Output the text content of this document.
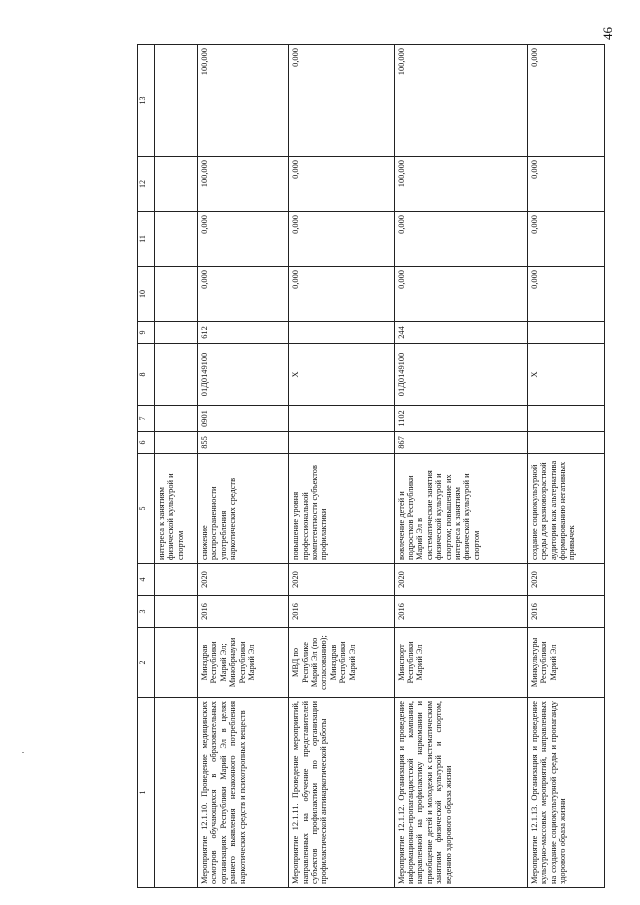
46
1	2	3	4	5	6	7	8	9	10	11	12	13
				интереса к занятиям физической культурой и спортом								
Мероприятие 12.1.10. Проведение медицинских осмотров обучающихся в образовательных организациях Республики Марий Эл в целях раннего выявления незаконного потребления наркотических средств и психотропных веществ	Минздрав Республики Марий Эл; Минобрнауки Республики Марий Эл	2016	2020	снижение распространенности употребления наркотических средств	855	0901	01Д0149100	612	0,000	0,000	100,000	100,000
Мероприятие 12.1.11. Проведение мероприятий, направленных на обучение представителей субъектов профилактики по организации профилактической антинаркотической работы	МВД по Республике Марий Эл (по согласованию); Минздрав Республики Марий Эл	2016	2020	повышение уровня профессиональной компетентности субъектов профилактики			X		0,000	0,000	0,000	0,000
Мероприятие 12.1.12. Организация и проведение информационно-пропагандистской кампании, направленной на профилактику наркомании и приобщение детей и молодежи к систематическим занятиям физической культурой и спортом, ведению здорового образа жизни	Минспорт Республики Марий Эл	2016	2020	вовлечение детей и подростков Республики Марий Эл в систематические занятия физической культурой и спортом; повышение их интереса к занятиям физической культурой и спортом	867	1102	01Д0149100	244	0,000	0,000	100,000	100,000
Мероприятие 12.1.13. Организация и проведение культурно-массовых мероприятий, направленных на создание социокультурной среды и пропаганду здорового образа жизни	Минкультуры Республики Марий Эл	2016	2020	создание социокультурной среды для разновозрастной аудитории как альтернатива формированию негативных привычек			X		0,000	0,000	0,000	0,000
